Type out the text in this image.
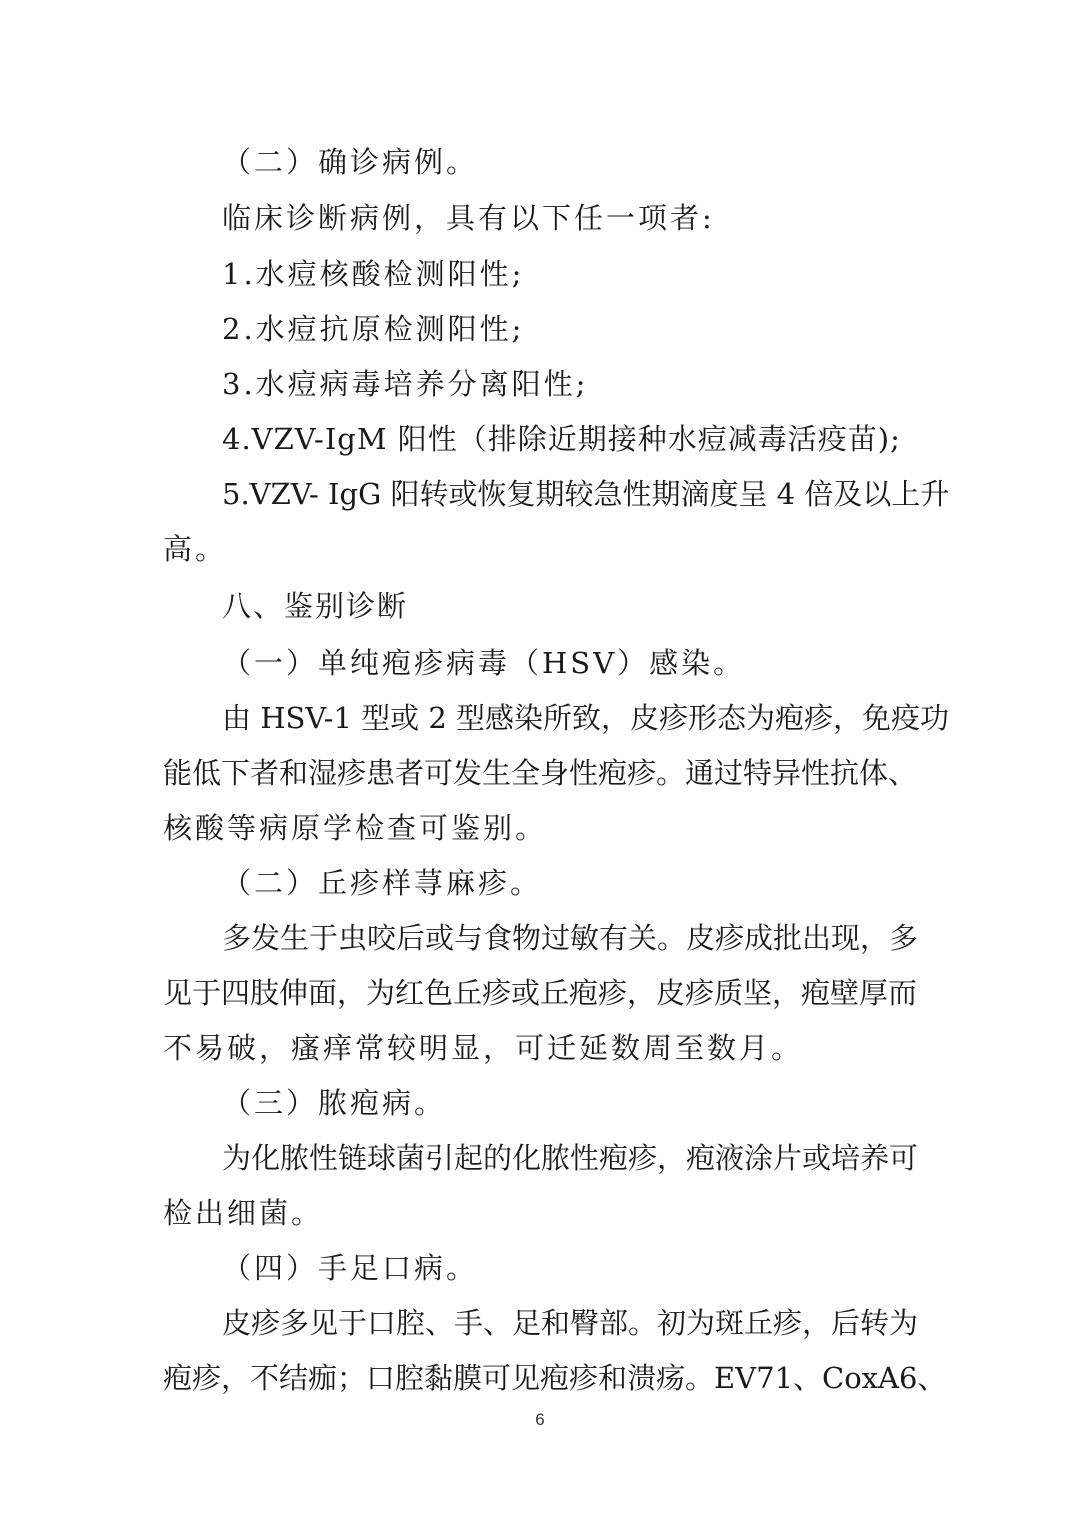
（二）确诊病例。
临床诊断病例，具有以下任一项者:
1.水痘核酸检测阳性;
2.水痘抗原检测阳性;
3.水痘病毒培养分离阳性;
4.VZV-IgM 阳性（排除近期接种水痘减毒活疫苗);
5.VZV- IgG 阳转或恢复期较急性期滴度呈 4 倍及以上升
高。
八、鉴别诊断
（一）单纯疱疹病毒（HSV）感染。
由 HSV-1 型或 2 型感染所致，皮疹形态为疱疹，免疫功
能低下者和湿疹患者可发生全身性疱疹。通过特异性抗体、
核酸等病原学检查可鉴别。
（二）丘疹样荨麻疹。
多发生于虫咬后或与食物过敏有关。皮疹成批出现，多
见于四肢伸面，为红色丘疹或丘疱疹，皮疹质坚，疱壁厚而
不易破，瘙痒常较明显，可迁延数周至数月。
（三）脓疱病。
为化脓性链球菌引起的化脓性疱疹，疱液涂片或培养可
检出细菌。
（四）手足口病。
皮疹多见于口腔、手、足和臀部。初为斑丘疹，后转为
疱疹，不结痂；口腔黏膜可见疱疹和溃疡。EV71、CoxA6、
6
